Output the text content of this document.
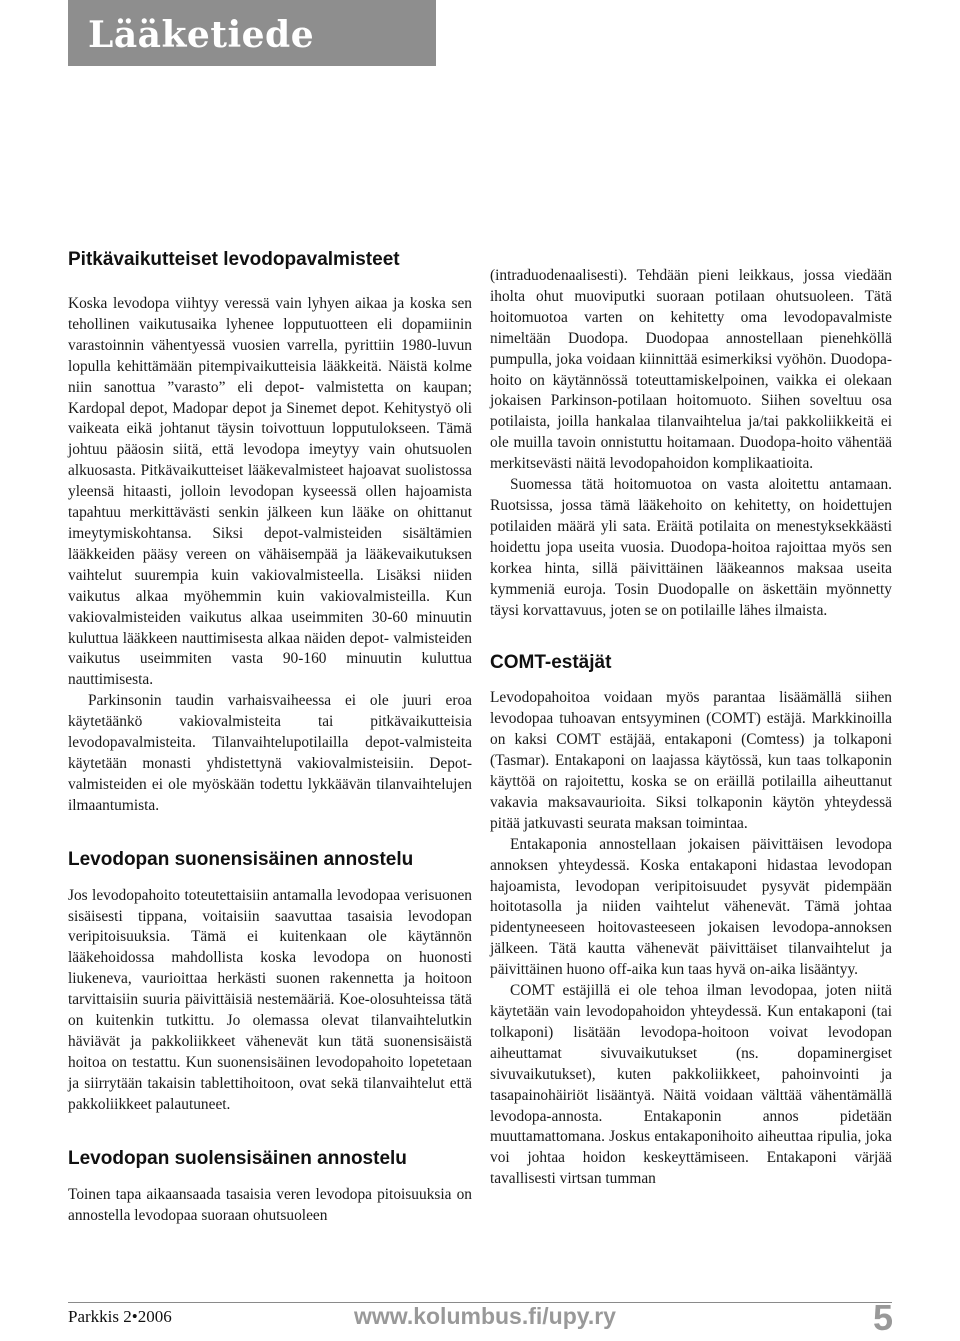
Lääketiede
Pitkävaikutteiset levodopavalmisteet

Koska levodopa viihtyy veressä vain lyhyen aikaa ja koska sen tehollinen vaikutusaika lyhenee lopputuotteen eli dopamiinin varastoinnin vähentyessä vuosien varrella, pyrittiin 1980-luvun lopulla kehittämään pitempivaikutteisia lääkkeitä. Näistä kolme niin sanottua ”varasto” eli depot- valmistetta on kaupan; Kardopal depot, Madopar depot ja Sinemet depot. Kehitystyö oli vaikeata eikä johtanut täysin toivottuun lopputulokseen. Tämä johtuu pääosin siitä, että levodopa imeytyy vain ohutsuolen alkuosasta. Pitkävaikutteiset lääkevalmisteet hajoavat suolistossa yleensä hitaasti, jolloin levodopan kyseessä ollen hajoamista tapahtuu merkittävästi senkin jälkeen kun lääke on ohittanut imeytymiskohtansa. Siksi depot-valmisteiden sisältämien lääkkeiden pääsy vereen on vähäisempää ja lääkevaikutuksen vaihtelut suurempia kuin vakiovalmisteella. Lisäksi niiden vaikutus alkaa myöhemmin kuin vakiovalmisteilla. Kun vakiovalmisteiden vaikutus alkaa useimmiten 30-60 minuutin kuluttua lääkkeen nauttimisesta alkaa näiden depot- valmisteiden vaikutus useimmiten vasta 90-160 minuutin kuluttua nauttimisesta.

Parkinsonin taudin varhaisvaiheessa ei ole juuri eroa käytetäänkö vakiovalmisteita tai pitkävaikutteisia levodopavalmisteita. Tilanvaihtelupotilailla depot-valmisteita käytetään monasti yhdistettynä vakiovalmisteisiin. Depot-valmisteiden ei ole myöskään todettu lykkäävän tilanvaihtelujen ilmaantumista.

Levodopan suonensisäinen annostelu

Jos levodopahoito toteutettaisiin antamalla levodopaa verisuonen sisäisesti tippana, voitaisiin saavuttaa tasaisia levodopan veripitoisuuksia. Tämä ei kuitenkaan ole käytännön lääkehoidossa mahdollista koska levodopa on huonosti liukeneva, vaurioittaa herkästi suonen rakennetta ja hoitoon tarvittaisiin suuria päivittäisiä nestemääriä. Koe-olosuhteissa tätä on kuitenkin tutkittu. Jo olemassa olevat tilanvaihtelutkin häviävät ja pakkoliikkeet vähenevät kun tätä suonensisäistä hoitoa on testattu. Kun suonensisäinen levodopahoito lopetetaan ja siirrytään takaisin tablettihoitoon, ovat sekä tilanvaihtelut että pakkoliikkeet palautuneet.

Levodopan suolensisäinen annostelu

Toinen tapa aikaansaada tasaisia veren levodopa pitoisuuksia on annostella levodopaa suoraan ohutsuoleen

(intraduodenaalisesti). Tehdään pieni leikkaus, jossa viedään iholta ohut muoviputki suoraan potilaan ohutsuoleen. Tätä hoitomuotoa varten on kehitetty oma levodopavalmiste nimeltään Duodopa. Duodopaa annostellaan pienehköllä pumpulla, joka voidaan kiinnittää esimerkiksi vyöhön. Duodopa-hoito on käytännössä toteuttamiskelpoinen, vaikka ei olekaan jokaisen Parkinson-potilaan hoitomuoto. Siihen soveltuu osa potilaista, joilla hankalaa tilanvaihtelua ja/tai pakkoliikkeitä ei ole muilla tavoin onnistuttu hoitamaan. Duodopa-hoito vähentää merkitsevästi näitä levodopahoidon komplikaatioita.

Suomessa tätä hoitomuotoa on vasta aloitettu antamaan. Ruotsissa, jossa tämä lääkehoito on kehitetty, on hoidettujen potilaiden määrä yli sata. Eräitä potilaita on menestyksekkäästi hoidettu jopa useita vuosia. Duodopa-hoitoa rajoittaa myös sen korkea hinta, sillä päivittäinen lääkeannos maksaa useita kymmeniä euroja. Tosin Duodopalle on äskettäin myönnetty täysi korvattavuus, joten se on potilaille lähes ilmaista.

COMT-estäjät

Levodopahoitoa voidaan myös parantaa lisäämällä siihen levodopaa tuhoavan entsyyminen (COMT) estäjä. Markkinoilla on kaksi COMT estäjää, entakaponi (Comtess) ja tolkaponi (Tasmar). Entakaponi on laajassa käytössä, kun taas tolkaponin käyttöä on rajoitettu, koska se on eräillä potilailla aiheuttanut vakavia maksavaurioita. Siksi tolkaponin käytön yhteydessä pitää jatkuvasti seurata maksan toimintaa.

Entakaponia annostellaan jokaisen päivittäisen levodopa annoksen yhteydessä. Koska entakaponi hidastaa levodopan hajoamista, levodopan veripitoisuudet pysyvät pidempään hoitotasolla ja niiden vaihtelut vähenevät. Tämä johtaa pidentyneeseen hoitovasteeseen jokaisen levodopa-annoksen jälkeen. Tätä kautta vähenevät päivittäiset tilanvaihtelut ja päivittäinen huono off-aika kun taas hyvä on-aika lisääntyy.

COMT estäjillä ei ole tehoa ilman levodopaa, joten niitä käytetään vain levodopahoidon yhteydessä. Kun entakaponi (tai tolkaponi) lisätään levodopa-hoitoon voivat levodopan aiheuttamat sivuvaikutukset (ns. dopaminergiset sivuvaikutukset), kuten pakkoliikkeet, pahoinvointi ja tasapainohäiriöt lisääntyä. Näitä voidaan välttää vähentämällä levodopa-annosta. Entakaponin annos pidetään muuttamattomana. Joskus entakaponihoito aiheuttaa ripulia, joka voi johtaa hoidon keskeyttämiseen. Entakaponi värjää tavallisesti virtsan tumman

Parkkis 2•2006	www.kolumbus.fi/upy.ry	5
